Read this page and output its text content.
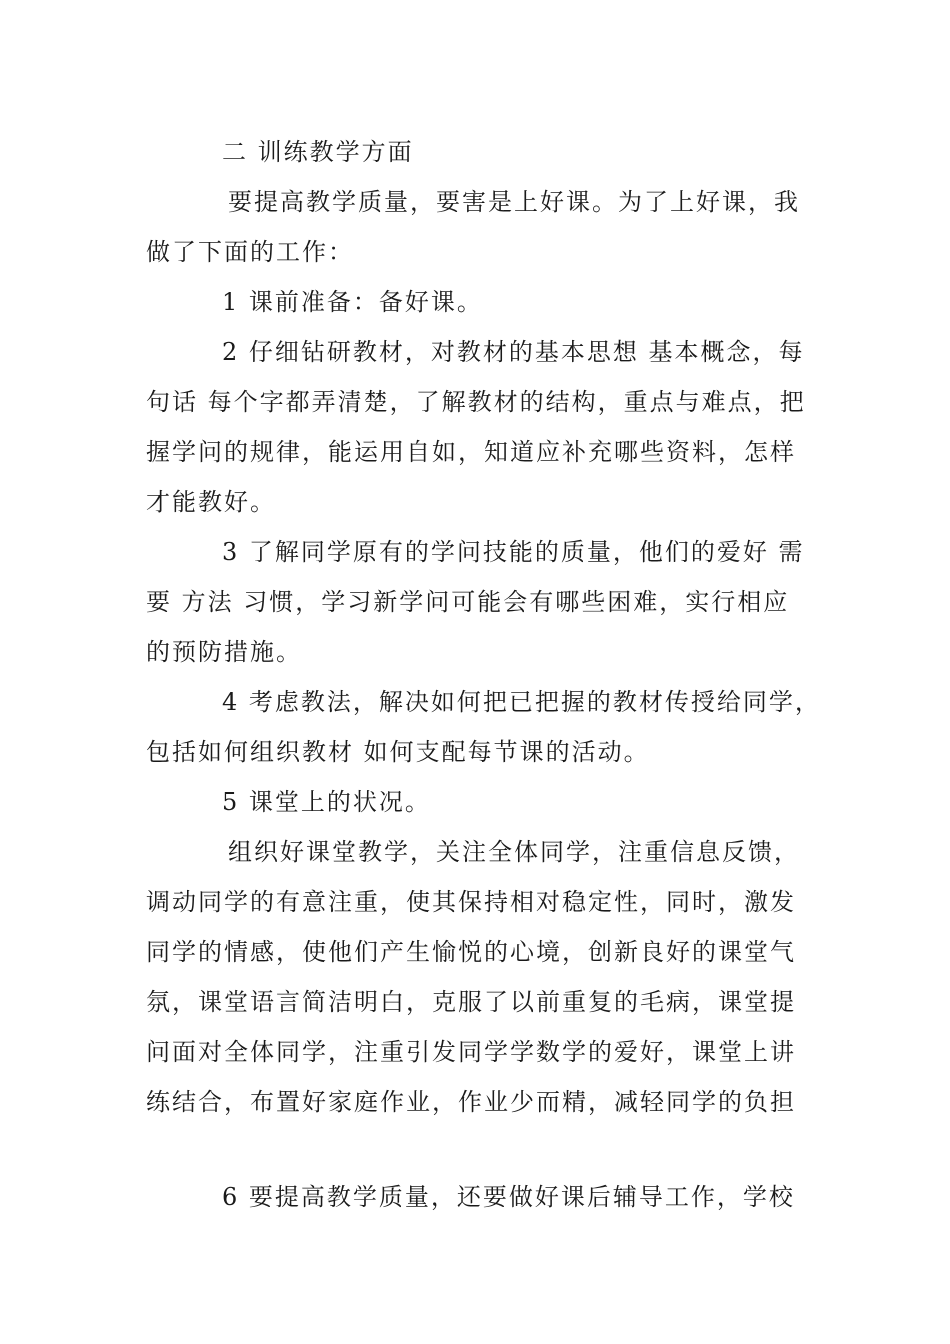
二 训练教学方面
要提高教学质量，要害是上好课。为了上好课，我
做了下面的工作：
1 课前准备：备好课。
2 仔细钻研教材，对教材的基本思想 基本概念，每
句话 每个字都弄清楚，了解教材的结构，重点与难点，把
握学问的规律，能运用自如，知道应补充哪些资料，怎样
才能教好。
3 了解同学原有的学问技能的质量，他们的爱好 需
要 方法 习惯，学习新学问可能会有哪些困难，实行相应
的预防措施。
4 考虑教法，解决如何把已把握的教材传授给同学，
包括如何组织教材 如何支配每节课的活动。
5 课堂上的状况。
组织好课堂教学，关注全体同学，注重信息反馈，
调动同学的有意注重，使其保持相对稳定性，同时，激发
同学的情感，使他们产生愉悦的心境，创新良好的课堂气
氛，课堂语言简洁明白，克服了以前重复的毛病，课堂提
问面对全体同学，注重引发同学学数学的爱好，课堂上讲
练结合，布置好家庭作业，作业少而精，减轻同学的负担
6 要提高教学质量，还要做好课后辅导工作，学校
